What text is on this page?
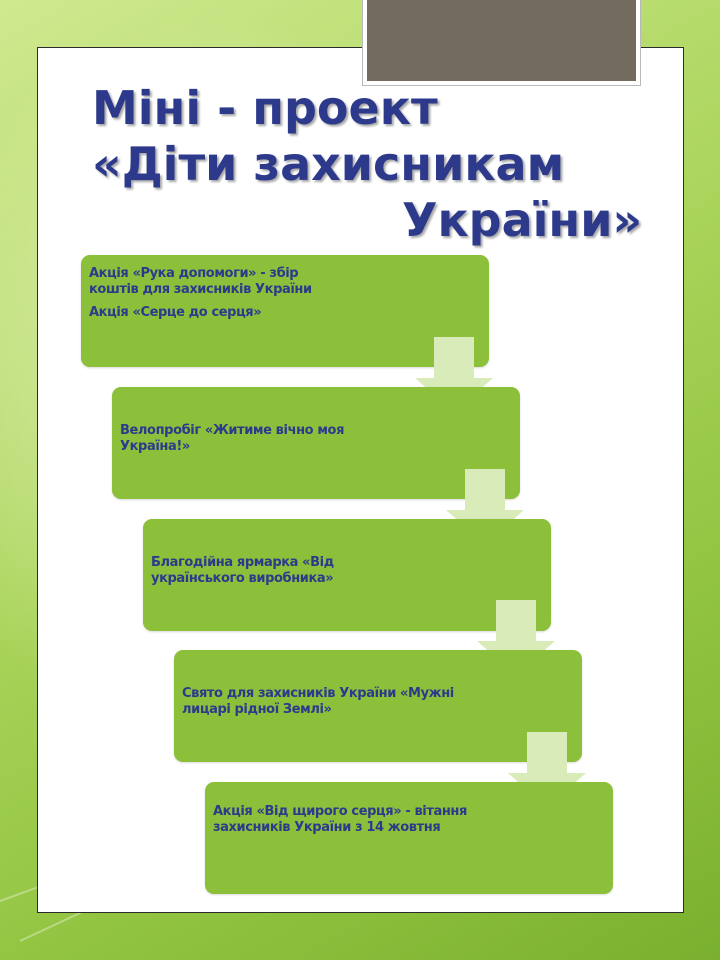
Міні - проект
«Діти захисникам
України»

Акція «Рука допомоги» - збір коштів для захисників України

Акція «Серце до серця»

Велопробіг «Житиме вічно моя Україна!»

Благодійна ярмарка «Від українського виробника»

Свято для захисників України «Мужні лицарі рідної Землі»

Акція «Від щирого серця» - вітання захисників України з 14 жовтня
